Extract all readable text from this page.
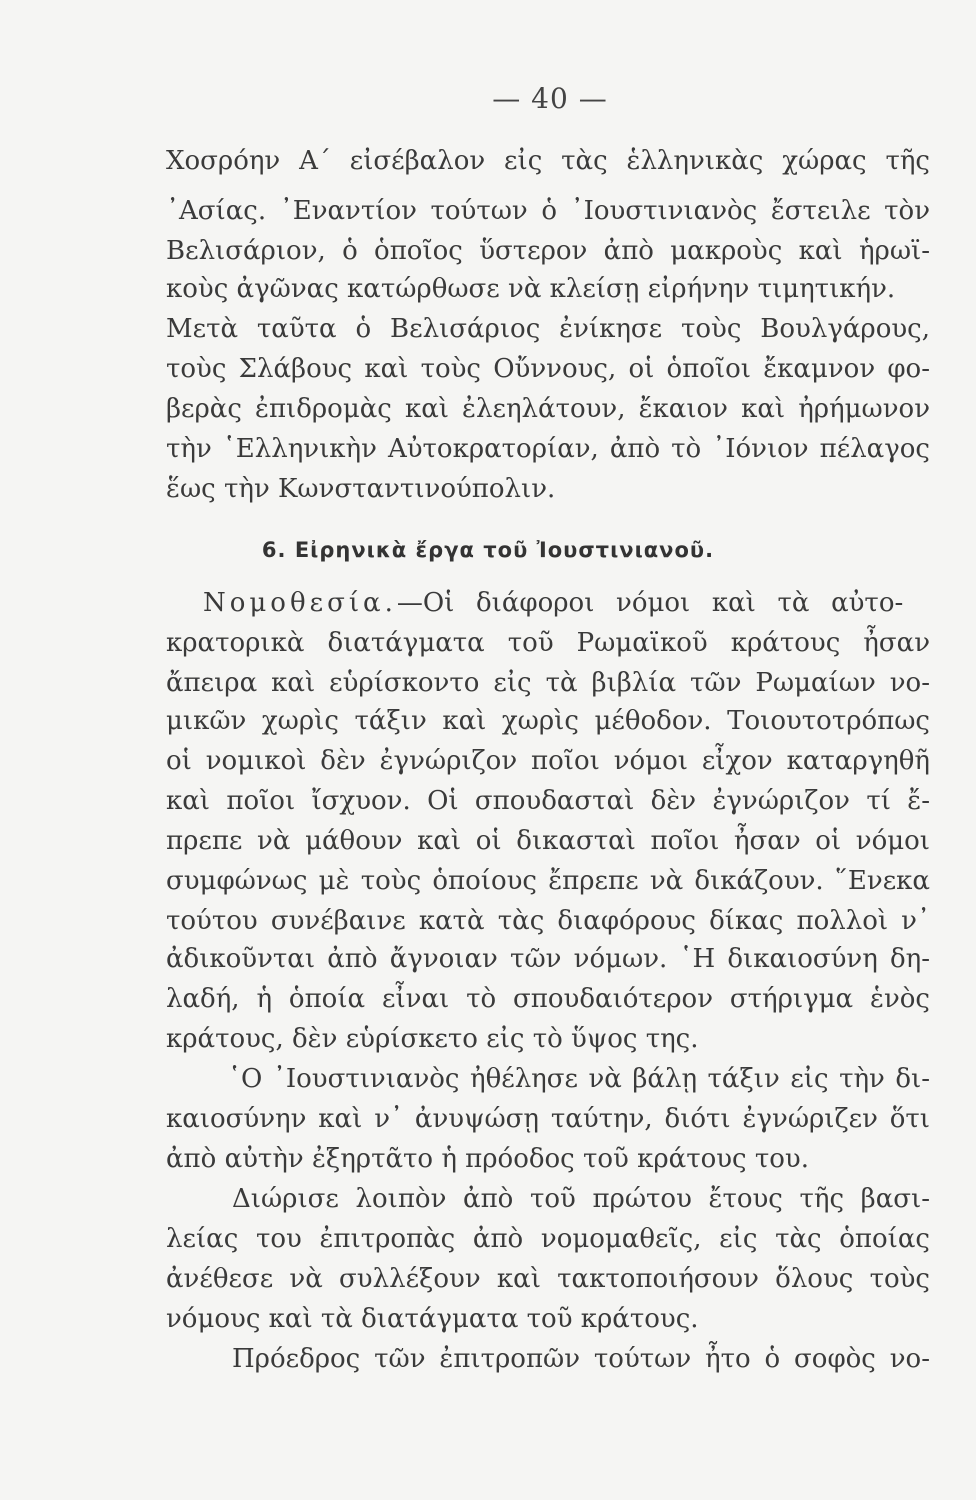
— 40 —
Χοσρόην Α΄ εἰσέβαλον εἰς τὰς ἑλληνικὰς χώρας τῆς
᾿Ασίας. ᾿Εναντίον τούτων ὁ ᾿Ιουστινιανὸς ἔστειλε τὸν
Βελισάριον, ὁ ὁποῖος ὕστερον ἀπὸ μακροὺς καὶ ἡρωϊ-
κοὺς ἀγῶνας κατώρθωσε νὰ κλείσῃ εἰρήνην τιμητικήν.
Μετὰ ταῦτα ὁ Βελισάριος ἐνίκησε τοὺς Βουλγάρους,
τοὺς Σλάβους καὶ τοὺς Οὔννους, οἱ ὁποῖοι ἔκαμνον φο-
βερὰς ἐπιδρομὰς καὶ ἐλεηλάτουν, ἔκαιον καὶ ἠρήμωνον
τὴν ῾Ελληνικὴν Αὐτοκρατορίαν, ἀπὸ τὸ ᾿Ιόνιον πέλαγος
ἕως τὴν Κωνσταντινούπολιν.
6. Εἰρηνικὰ ἔργα τοῦ Ἰουστινιανοῦ.
Νομοθεσία.—Οἱ διάφοροι νόμοι καὶ τὰ αὐτο-
κρατορικὰ διατάγματα τοῦ Ρωμαϊκοῦ κράτους ἦσαν
ἄπειρα καὶ εὑρίσκοντο εἰς τὰ βιβλία τῶν Ρωμαίων νο-
μικῶν χωρὶς τάξιν καὶ χωρὶς μέθοδον. Τοιουτοτρόπως
οἱ νομικοὶ δὲν ἐγνώριζον ποῖοι νόμοι εἶχον καταργηθῆ
καὶ ποῖοι ἴσχυον. Οἱ σπουδασταὶ δὲν ἐγνώριζον τί ἔ-
πρεπε νὰ μάθουν καὶ οἱ δικασταὶ ποῖοι ἦσαν οἱ νόμοι
συμφώνως μὲ τοὺς ὁποίους ἔπρεπε νὰ δικάζουν. ῞Ενεκα
τούτου συνέβαινε κατὰ τὰς διαφόρους δίκας πολλοὶ ν᾿
ἀδικοῦνται ἀπὸ ἄγνοιαν τῶν νόμων. ῾Η δικαιοσύνη δη-
λαδή, ἡ ὁποία εἶναι τὸ σπουδαιότερον στήριγμα ἑνὸς
κράτους, δὲν εὑρίσκετο εἰς τὸ ὕψος της.
῾Ο ᾿Ιουστινιανὸς ἠθέλησε νὰ βάλῃ τάξιν εἰς τὴν δι-
καιοσύνην καὶ ν᾿ ἀνυψώσῃ ταύτην, διότι ἐγνώριζεν ὅτι
ἀπὸ αὐτὴν ἐξηρτᾶτο ἡ πρόοδος τοῦ κράτους του.
Διώρισε λοιπὸν ἀπὸ τοῦ πρώτου ἔτους τῆς βασι-
λείας του ἐπιτροπὰς ἀπὸ νομομαθεῖς, εἰς τὰς ὁποίας
ἀνέθεσε νὰ συλλέξουν καὶ τακτοποιήσουν ὅλους τοὺς
νόμους καὶ τὰ διατάγματα τοῦ κράτους.
Πρόεδρος τῶν ἐπιτροπῶν τούτων ἦτο ὁ σοφὸς νο-
